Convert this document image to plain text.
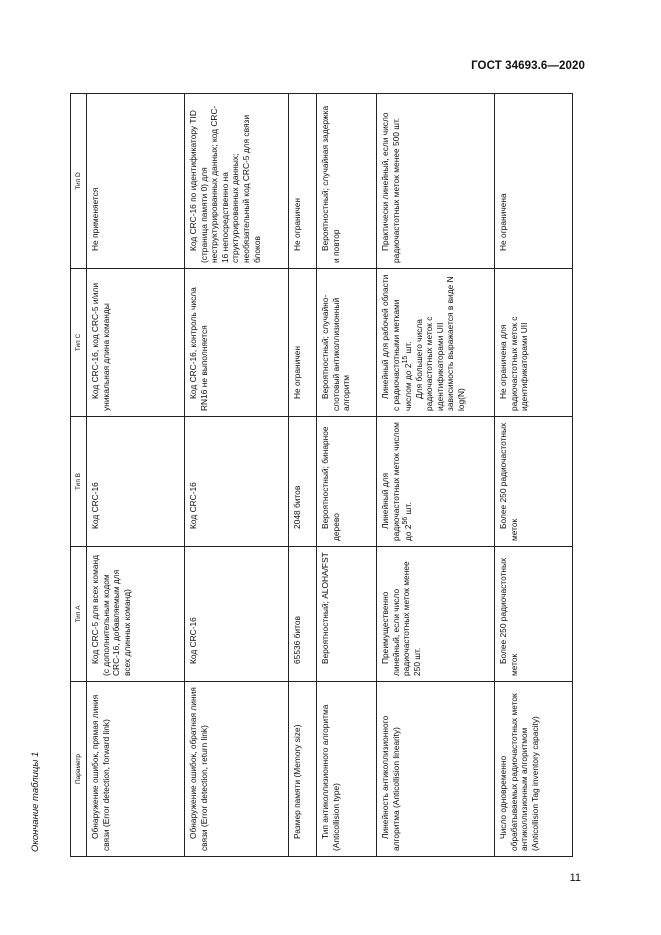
ГОСТ 34693.6—2020
Окончание таблицы 1	Параметр	Тип A	Тип B	Тип C	Тип D
Обнаружение ошибок, прямая линия связи (Error detection, forward link)	Код CRC-5 для всех команд (с дополнительным кодом CRC-16, добавляемым для всех длинных команд)	Код CRC-16	Код CRC-16, код CRC-5 и/или уникальная длина команды	Не применяется
Обнаружение ошибок, обратная линия связи (Error detection, return link)	Код CRC-16	Код CRC-16	Код CRC-16, контроль числа RN16 не выполняется	Код CRC-16 по идентификатору TID (страница памяти 0) для неструктурированных данных; код CRC-16 непосредственно на структурированных данных; необязательный код CRC-5 для связи блоков
Размер памяти (Memory size)	65536 битов	2048 битов	Не ограничен	Не ограничен
Тип антиколлизионного алгоритма (Anticollision type)	Вероятностный; ALOHA/FST	Вероятностный; бинарное дерево	Вероятностный; случайно-слотовый антиколлизионный алгоритм	Вероятностный; случайная задержка и повтор
Линейность антиколлизионного алгоритма (Anticollision linearity)	Преимущественно линейный, если число радиочастотных меток менее 250 шт.	Линейный для радиочастотных меток числом до $2^{56}$ шт.	Линейный для рабочей области с радиочастотными метками числом до $2^{15}$ шт. Для большего числа радиочастотных меток с идентификаторами UII зависимость выражается в виде N log(N)	Практически линейный, если число радиочастотных меток менее 500 шт.
Число одновременно обрабатываемых радиочастотных меток антиколлизионным алгоритмом (Anticollision Tag inventory capacity)	Более 250 радиочастотных меток	Более 250 радиочастотных меток	Не ограничена для радиочастотных меток с идентификаторами UII	Не ограничена
11
